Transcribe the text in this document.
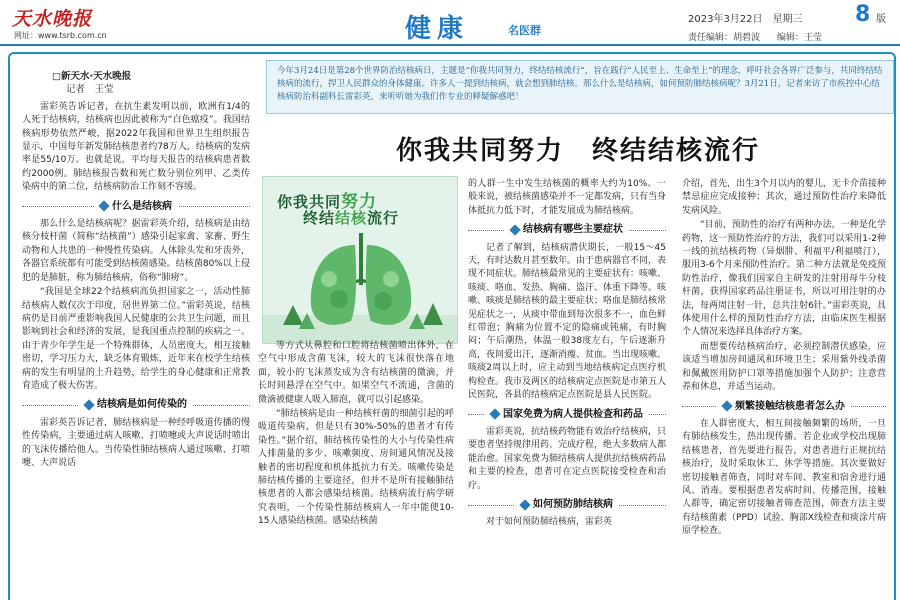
天水晚报
网址：www.tsrb.com.cn	健康	名医群
2023年3月22日　星期三 8 版
责任编辑：胡碧波 编辑：王莹
今年3月24日是第28个世界防治结核病日，主题是“你我共同努力，终结结核流行”，旨在践行“人民至上、生命至上”的理念，呼吁社会各界广泛参与，共同终结结核病的流行，捍卫人民群众的身体健康。许多人一提到结核病，就会想到肺结核。那么什么是结核病，如何预防肺结核病呢？3月21日，记者来访了市疾控中心结核病防治科副科长雷彩英，来听听她为我们作专业的释疑解惑吧！
你我共同努力　终结结核流行
你我共同努力
终结结核流行
□新天水·天水晚报
记者　王莹

雷彩英告诉记者，在抗生素发明以前，欧洲有1/4的人死于结核病，结核病也因此被称为“白色瘟疫”。我国结核病形势依然严峻，据2022年我国和世界卫生组织报告显示，中国每年新发肺结核患者约78万人，结核病的发病率是55/10万。也就是说，平均每天报告的结核病患者数约2000例。肺结核报告数和死亡数分别位列甲、乙类传染病中的第二位，结核病防治工作刻不容缓。

什么是结核病

那么什么是结核病呢？据雷彩英介绍，结核病是由结核分枝杆菌（简称“结核菌”）感染引起家禽、家畜、野生动物和人共患的一种慢性传染病。人体除头发和牙齿外，各器官系统都有可能受到结核菌感染。结核菌80%以上侵犯的是肺脏，称为肺结核病，俗称“肺痨”。

“我国是全球22个结核病高负担国家之一，活动性肺结核病人数仅次于印度，居世界第二位。”雷彩英说，结核病仍是目前严重影响我国人民健康的公共卫生问题，而且影响到社会和经济的发展，是我国重点控制的疾病之一。由于青少年学生是一个特殊群体，人员密度大，相互接触密切，学习压力大，缺乏体育锻炼，近年来在校学生结核病的发生有明显的上升趋势，给学生的身心健康和正常教育造成了极大伤害。

结核病是如何传染的

雷彩英告诉记者，肺结核病是一种经呼吸道传播的慢性传染病，主要通过病人咳嗽、打喷嚏或大声说话时喷出的飞沫传播给他人。当传染性肺结核病人通过咳嗽、打喷嚏、大声说话

等方式从鼻腔和口腔将结核菌喷出体外，在空气中形成含菌飞沫，较大的飞沫很快落在地面，较小的飞沫蒸发成为含有结核菌的微滴，并长时间悬浮在空气中。如果空气不流通，含菌的微滴被健康人吸入肺泡，就可以引起感染。

“肺结核病是由一种结核杆菌的细菌引起的呼吸道传染病，但是只有30%-50%的患者才有传染性。”据介绍，肺结核传染性的大小与传染性病人排菌量的多少、咳嗽频度、房间通风情况及接触者的密切程度和机体抵抗力有关。咳嗽传染是肺结核传播的主要途径，但并不是所有接触肺结核患者的人都会感染结核菌。结核病流行病学研究表明，一个传染性肺结核病人一年中能使10-15人感染结核菌。感染结核菌

的人群一生中发生结核菌的概率大约为10%。一般来说，被结核菌感染并不一定都发病，只有当身体抵抗力低下时，才能发展成为肺结核病。

结核病有哪些主要症状

记者了解到，结核病潜伏期长，一般15～45天，有时达数月甚至数年。由于患病器官不同，表现不同症状。肺结核最常见的主要症状有：咳嗽、咳痰、咯血、发热、胸痛、盗汗、体重下降等。咳嗽、咳痰是肺结核的最主要症状；咯血是肺结核常见症状之一，从痰中带血到每次很多不一，血色鲜红带泡；胸痛为位置不定的隐痛或钝痛，有时胸闷；午后潮热，体温一般38度左右，午后逐渐升高，夜间爱出汗，逐渐消瘦、贫血。当出现咳嗽、咳痰2周以上时，应主动到当地结核病定点医疗机构检查。我市及两区的结核病定点医院是市第五人民医院，各县的结核病定点医院是县人民医院。

国家免费为病人提供检查和药品

雷彩英说，抗结核药物能有效治疗结核病，只要患者坚持规律用药、完成疗程，绝大多数病人都能治愈。国家免费为肺结核病人提供抗结核病药品和主要的检查，患者可在定点医院接受检查和治疗。

如何预防肺结核病

对于如何预防肺结核病，雷彩英

介绍，首先，出生3个月以内的婴儿，无卡介苗接种禁忌症应完成接种；其次，通过预防性治疗来降低发病风险。

“目前，预防性的治疗有两种办法，一种是化学药物，这一预防性治疗的方法，我们可以采用1-2种一线的抗结核药物（异烟肼、利福平/利福喷汀），服用3-6个月来预防性治疗。第二种方法就是免疫预防性治疗，像我们国家自主研发的注射用母牛分枝杆菌，获得国家药品注册证书，所以可用注射的办法，每两周注射一针，总共注射6针。”雷彩英说，具体使用什么样的预防性治疗方法，由临床医生根据个人情况来选择具体治疗方案。

而想要传结核病治疗，必须控制潜伏感染，应该适当增加房间通风和环境卫生；采用紫外线杀菌和佩戴医用防护口罩等措施加强个人防护；注意营养和休息，并适当运动。

频繁接触结核患者怎么办

在人群密度大，相互间接触频繁的场所，一旦有肺结核发生，热出现传播。若企业或学校出现肺结核患者，首先要进行报告，对患者进行正规抗结核治疗，及时采取休工、休学等措施。其次要做好密切接触者筛查，同时对车间、教室和宿舍进行通风、消毒。要根据患者发病时间、传播范围，接触人群等，确定密切接触者筛查范围，筛查方法主要有结核菌素（PPD）试验、胸部X线检查和痰涂片病原学检查。
